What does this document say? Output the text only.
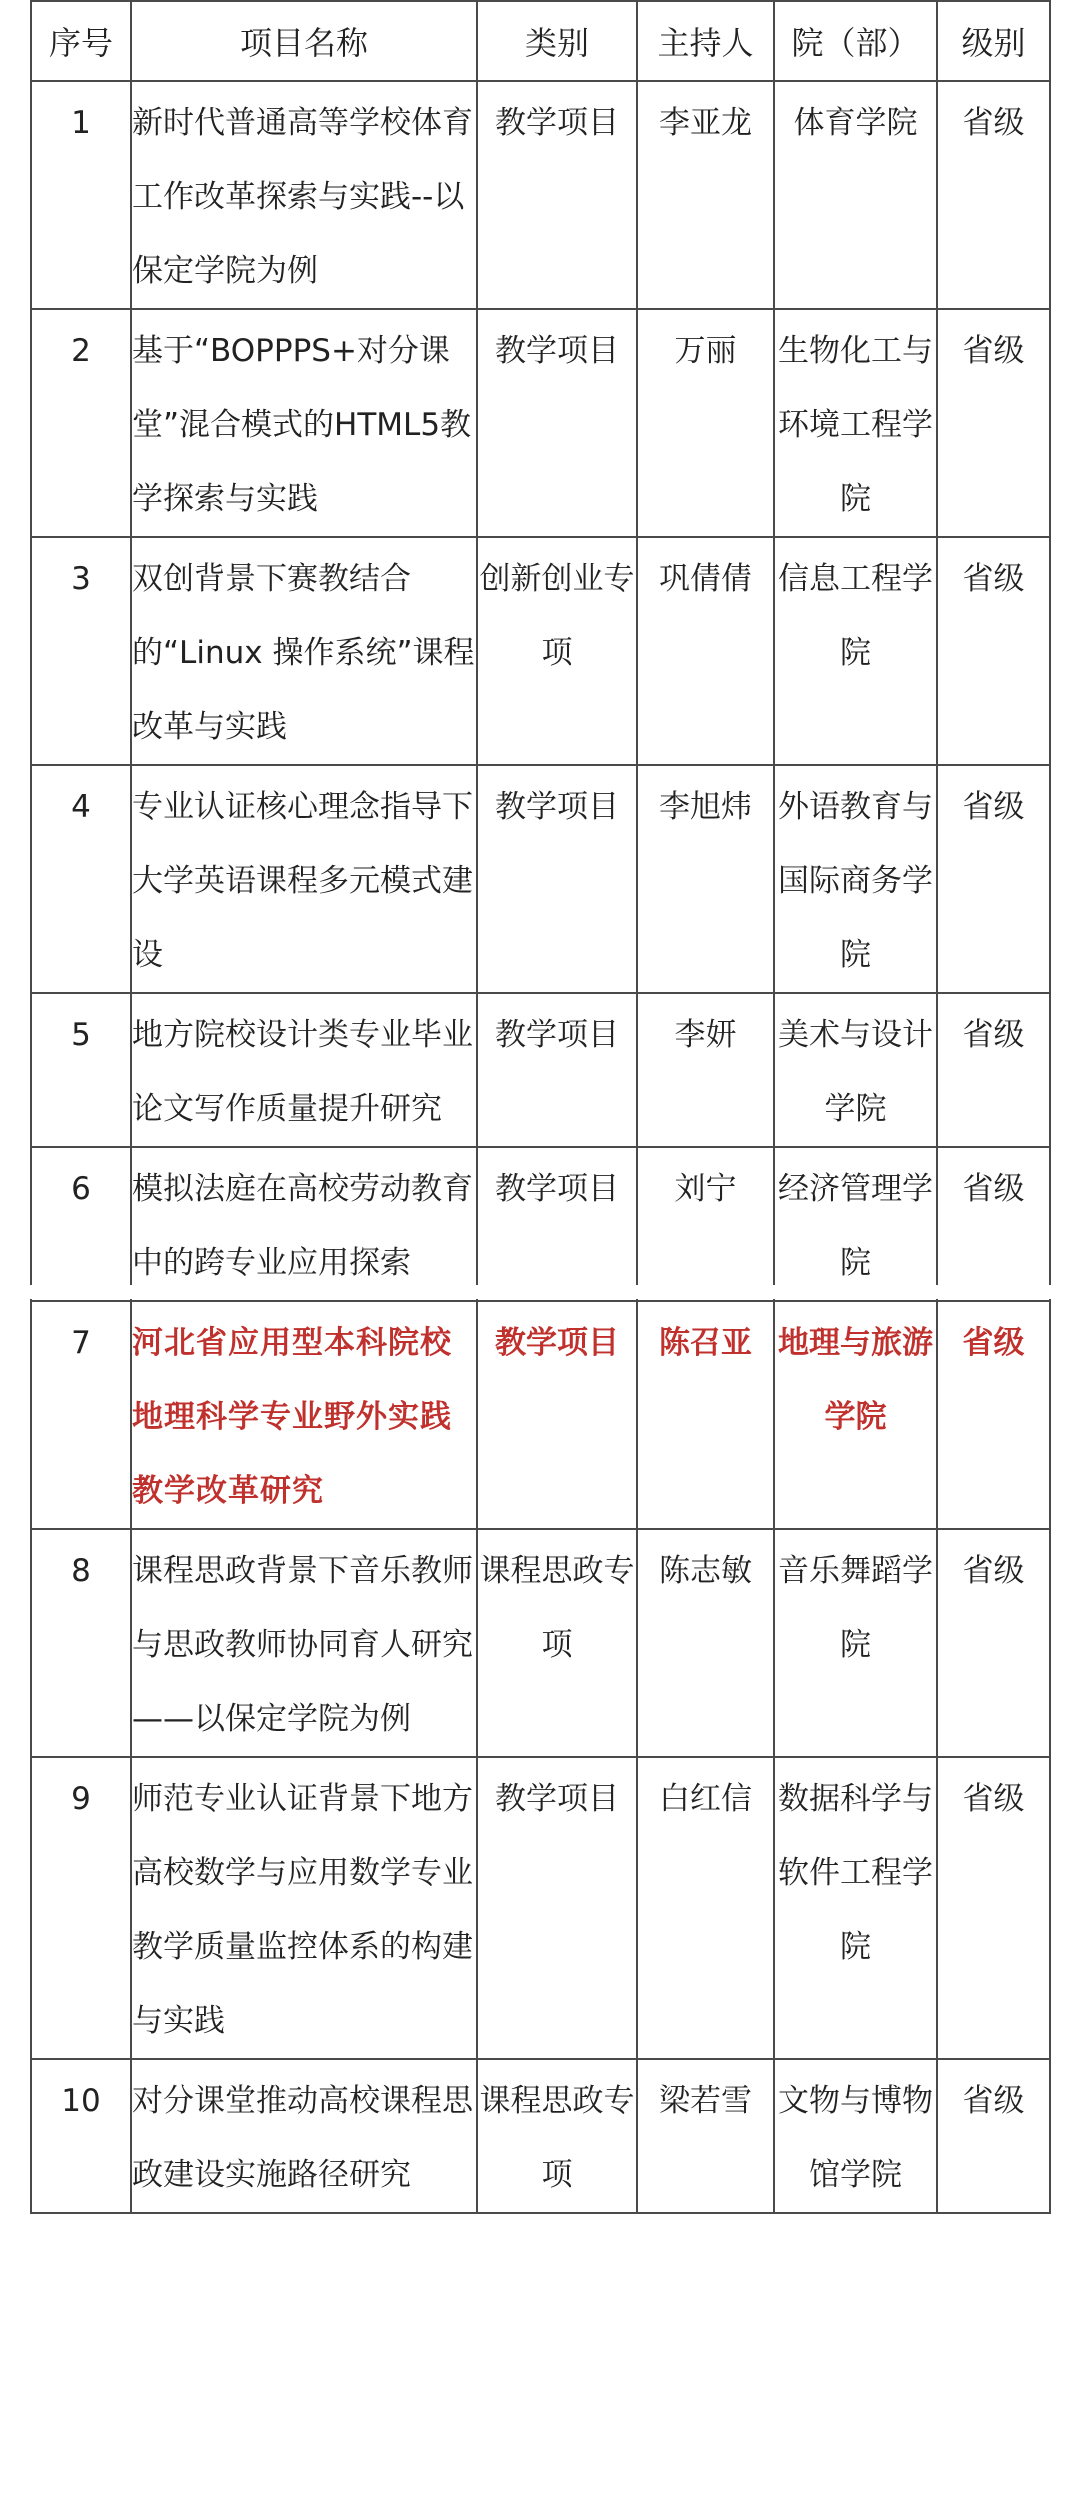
序号	项目名称	类别	主持人	院（部）	级别
1	新时代普通高等学校体育工作改革探索与实践--以保定学院为例	教学项目	李亚龙	体育学院	省级
2	基于“BOPPPS+对分课堂”混合模式的HTML5教学探索与实践	教学项目	万丽	生物化工与环境工程学院	省级
3	双创背景下赛教结合的“Linux 操作系统”课程改革与实践	创新创业专项	巩倩倩	信息工程学院	省级
4	专业认证核心理念指导下大学英语课程多元模式建设	教学项目	李旭炜	外语教育与国际商务学院	省级
5	地方院校设计类专业毕业论文写作质量提升研究	教学项目	李妍	美术与设计学院	省级
6	模拟法庭在高校劳动教育中的跨专业应用探索	教学项目	刘宁	经济管理学院	省级
7	河北省应用型本科院校地理科学专业野外实践教学改革研究	教学项目	陈召亚	地理与旅游学院	省级
8	课程思政背景下音乐教师与思政教师协同育人研究——以保定学院为例	课程思政专项	陈志敏	音乐舞蹈学院	省级
9	师范专业认证背景下地方高校数学与应用数学专业教学质量监控体系的构建与实践	教学项目	白红信	数据科学与软件工程学院	省级
10	对分课堂推动高校课程思政建设实施路径研究	课程思政专项	梁若雪	文物与博物馆学院	省级
